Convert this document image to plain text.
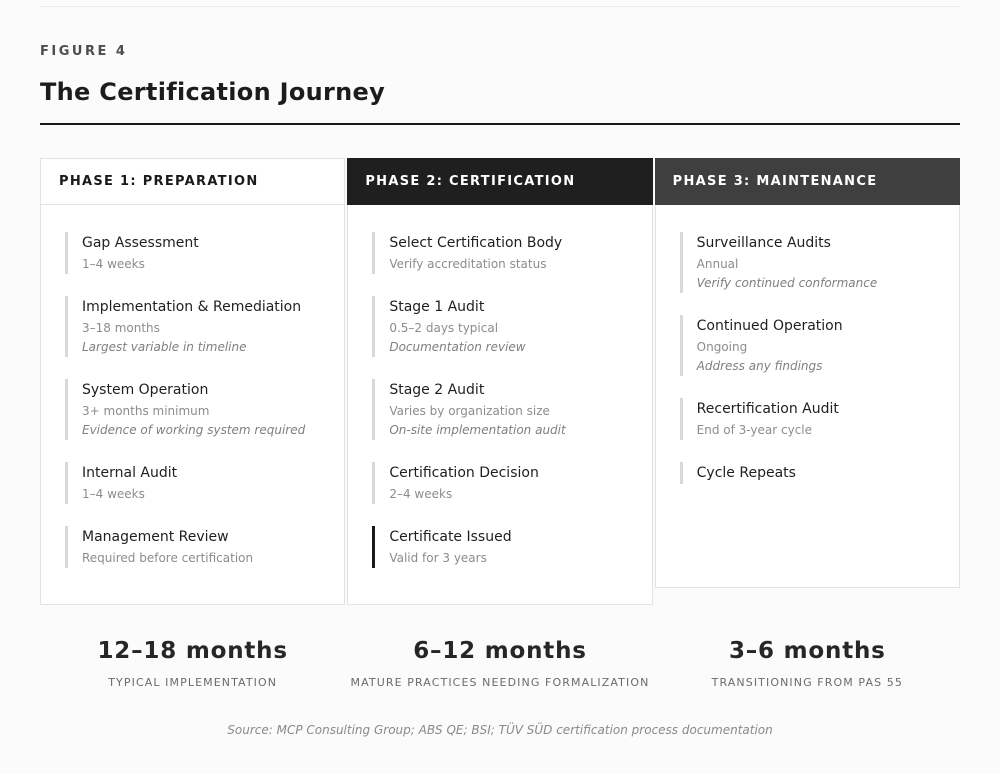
FIGURE 4
The Certification Journey
PHASE 1: PREPARATION
Gap Assessment
1–4 weeks
Implementation & Remediation
3–18 months
Largest variable in timeline
System Operation
3+ months minimum
Evidence of working system required
Internal Audit
1–4 weeks
Management Review
Required before certification
PHASE 2: CERTIFICATION
Select Certification Body
Verify accreditation status
Stage 1 Audit
0.5–2 days typical
Documentation review
Stage 2 Audit
Varies by organization size
On-site implementation audit
Certification Decision
2–4 weeks
Certificate Issued
Valid for 3 years
PHASE 3: MAINTENANCE
Surveillance Audits
Annual
Verify continued conformance
Continued Operation
Ongoing
Address any findings
Recertification Audit
End of 3-year cycle
Cycle Repeats
12–18 months
TYPICAL IMPLEMENTATION
6–12 months
MATURE PRACTICES NEEDING FORMALIZATION
3–6 months
TRANSITIONING FROM PAS 55
Source: MCP Consulting Group; ABS QE; BSI; TÜV SÜD certification process documentation
